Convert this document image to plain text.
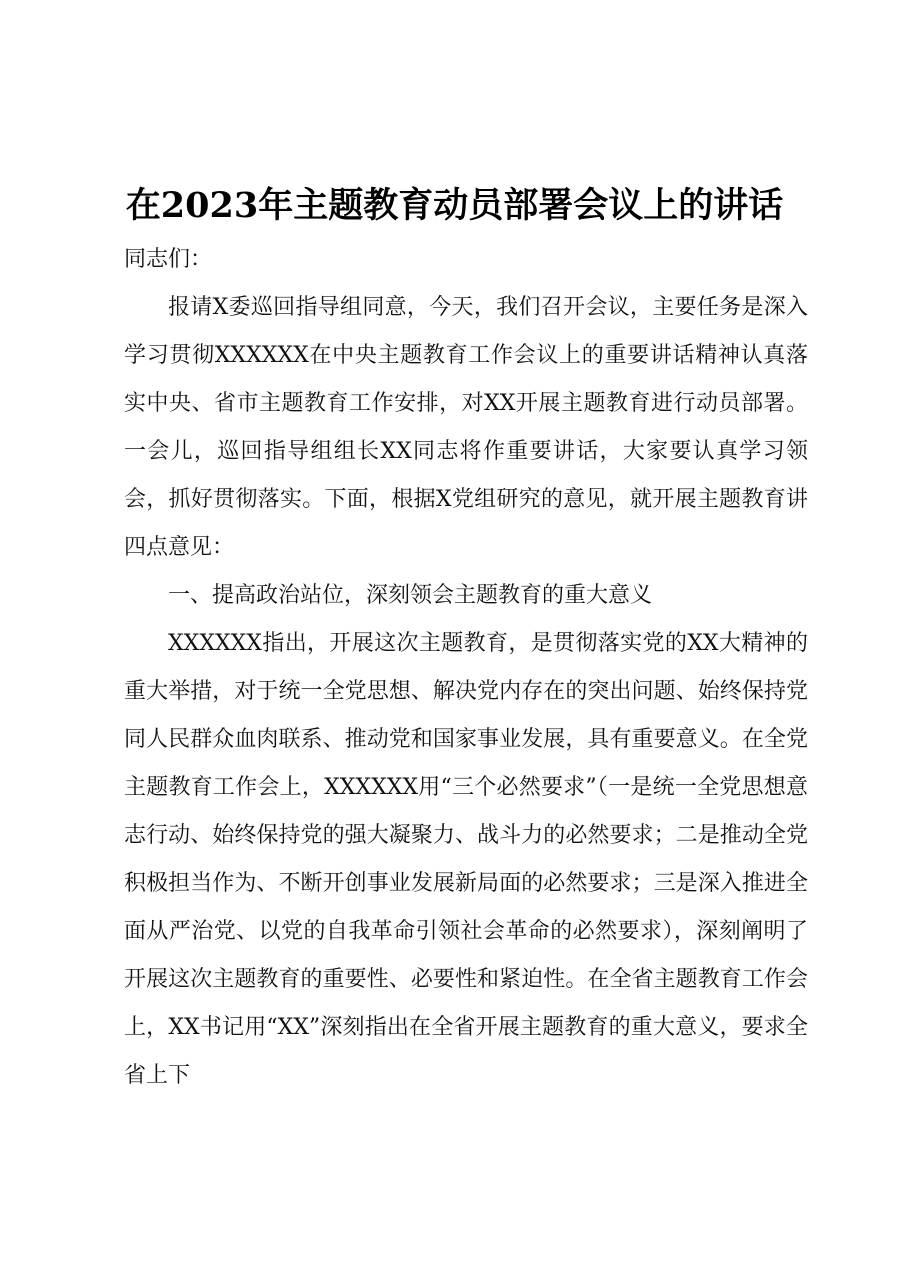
在2023年主题教育动员部署会议上的讲话

同志们：

报请X委巡回指导组同意，今天，我们召开会议，主要任务是深入学习贯彻XXXXXX在中央主题教育工作会议上的重要讲话精神认真落实中央、省市主题教育工作安排，对XX开展主题教育进行动员部署。一会儿，巡回指导组组长XX同志将作重要讲话，大家要认真学习领会，抓好贯彻落实。下面，根据X党组研究的意见，就开展主题教育讲四点意见：

一、提高政治站位，深刻领会主题教育的重大意义

XXXXXX指出，开展这次主题教育，是贯彻落实党的XX大精神的重大举措，对于统一全党思想、解决党内存在的突出问题、始终保持党同人民群众血肉联系、推动党和国家事业发展，具有重要意义。在全党主题教育工作会上，XXXXXX用“三个必然要求”（一是统一全党思想意志行动、始终保持党的强大凝聚力、战斗力的必然要求；二是推动全党积极担当作为、不断开创事业发展新局面的必然要求；三是深入推进全面从严治党、以党的自我革命引领社会革命的必然要求），深刻阐明了开展这次主题教育的重要性、必要性和紧迫性。在全省主题教育工作会上，XX书记用“XX”深刻指出在全省开展主题教育的重大意义，要求全省上下
